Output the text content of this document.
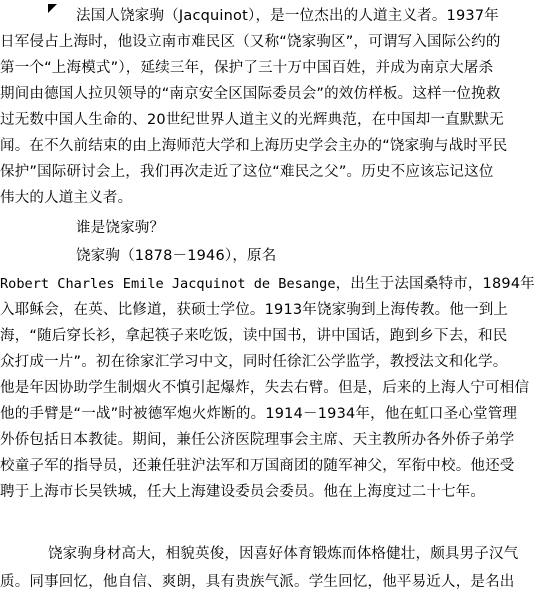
法国人饶家驹（Jacquinot），是一位杰出的人道主义者。1937年
日军侵占上海时，他设立南市难民区（又称“饶家驹区”，可谓写入国际公约的
第一个“上海模式”），延续三年，保护了三十万中国百姓，并成为南京大屠杀
期间由德国人拉贝领导的“南京安全区国际委员会”的效仿样板。这样一位挽救
过无数中国人生命的、20世纪世界人道主义的光辉典范，在中国却一直默默无
闻。在不久前结束的由上海师范大学和上海历史学会主办的“饶家驹与战时平民
保护”国际研讨会上，我们再次走近了这位“难民之父”。历史不应该忘记这位
伟大的人道主义者。
谁是饶家驹？
饶家驹（1878－1946），原名
Robert Charles Emile Jacquinot de Besange，出生于法国桑特市，1894年
入耶稣会，在英、比修道，获硕士学位。1913年饶家驹到上海传教。他一到上
海，“随后穿长衫，拿起筷子来吃饭，读中国书，讲中国话，跑到乡下去，和民
众打成一片”。初在徐家汇学习中文，同时任徐汇公学监学，教授法文和化学。
他是年因协助学生制烟火不慎引起爆炸，失去右臂。但是，后来的上海人宁可相信
他的手臂是“一战”时被德军炮火炸断的。1914－1934年，他在虹口圣心堂管理
外侨包括日本教徒。期间，兼任公济医院理事会主席、天主教所办各外侨子弟学
校童子军的指导员，还兼任驻沪法军和万国商团的随军神父，军衔中校。他还受
聘于上海市长吴铁城，任大上海建设委员会委员。他在上海度过二十七年。
饶家驹身材高大，相貌英俊，因喜好体育锻炼而体格健壮，颇具男子汉气
质。同事回忆，他自信、爽朗，具有贵族气派。学生回忆，他平易近人，是名出
